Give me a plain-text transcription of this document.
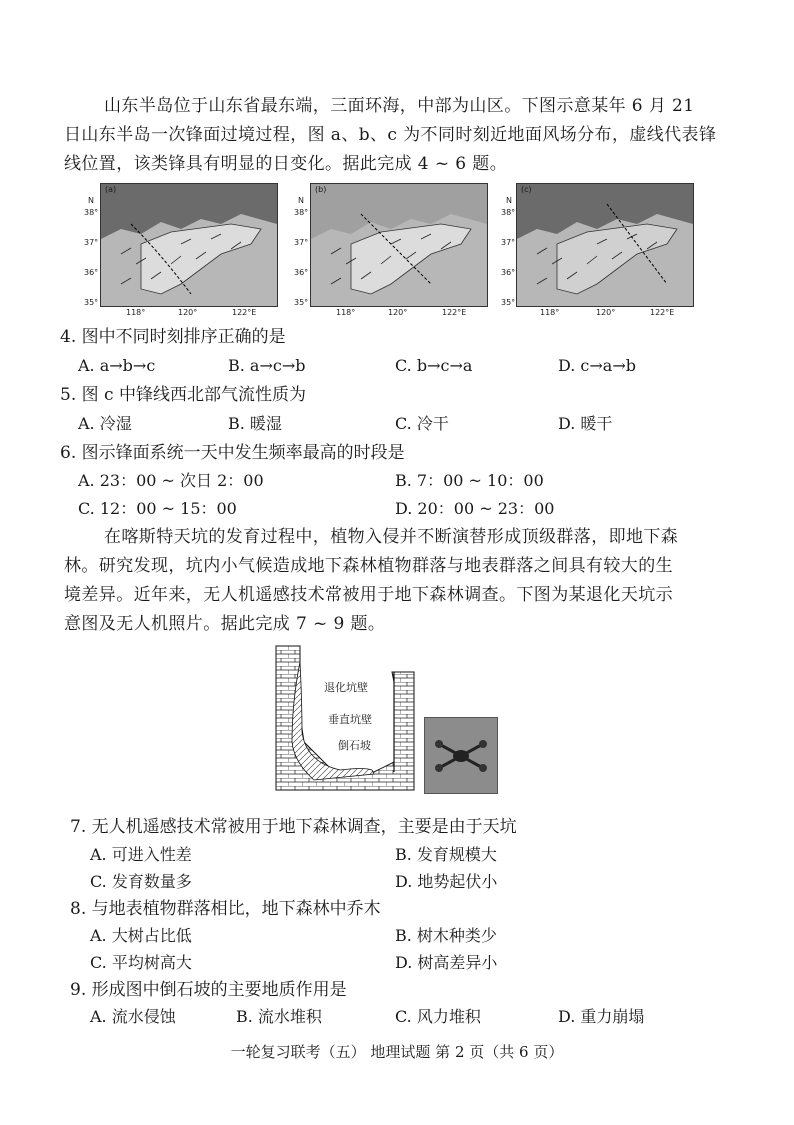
山东半岛位于山东省最东端，三面环海，中部为山区。下图示意某年 6 月 21
日山东半岛一次锋面过境过程，图 a、b、c 为不同时刻近地面风场分布，虚线代表锋
线位置，该类锋具有明显的日变化。据此完成 4 ~ 6 题。
(a)	(b)	(c)
N
38°
37°
36°
35°
118°	120°	122°E
N
38°
37°
36°
35°
118°	120°	122°E
N
38°
37°
36°
35°
118°	120°	122°E
4. 图中不同时刻排序正确的是
A. a→b→c	B. a→c→b	C. b→c→a	D. c→a→b
5. 图 c 中锋线西北部气流性质为
A. 冷湿	B. 暖湿	C. 冷干	D. 暖干
6. 图示锋面系统一天中发生频率最高的时段是
A. 23：00 ~ 次日 2：00	B. 7：00 ~ 10：00
C. 12：00 ~ 15：00	D. 20：00 ~ 23：00
在喀斯特天坑的发育过程中，植物入侵并不断演替形成顶级群落，即地下森
林。研究发现，坑内小气候造成地下森林植物群落与地表群落之间具有较大的生
境差异。近年来，无人机遥感技术常被用于地下森林调查。下图为某退化天坑示
意图及无人机照片。据此完成 7 ~ 9 题。
退化坑壁
垂直坑壁
倒石坡
7. 无人机遥感技术常被用于地下森林调查，主要是由于天坑
A. 可进入性差	B. 发育规模大
C. 发育数量多	D. 地势起伏小
8. 与地表植物群落相比，地下森林中乔木
A. 大树占比低	B. 树木种类少
C. 平均树高大	D. 树高差异小
9. 形成图中倒石坡的主要地质作用是
A. 流水侵蚀	B. 流水堆积	C. 风力堆积	D. 重力崩塌
一轮复习联考（五） 地理试题 第 2 页（共 6 页）
